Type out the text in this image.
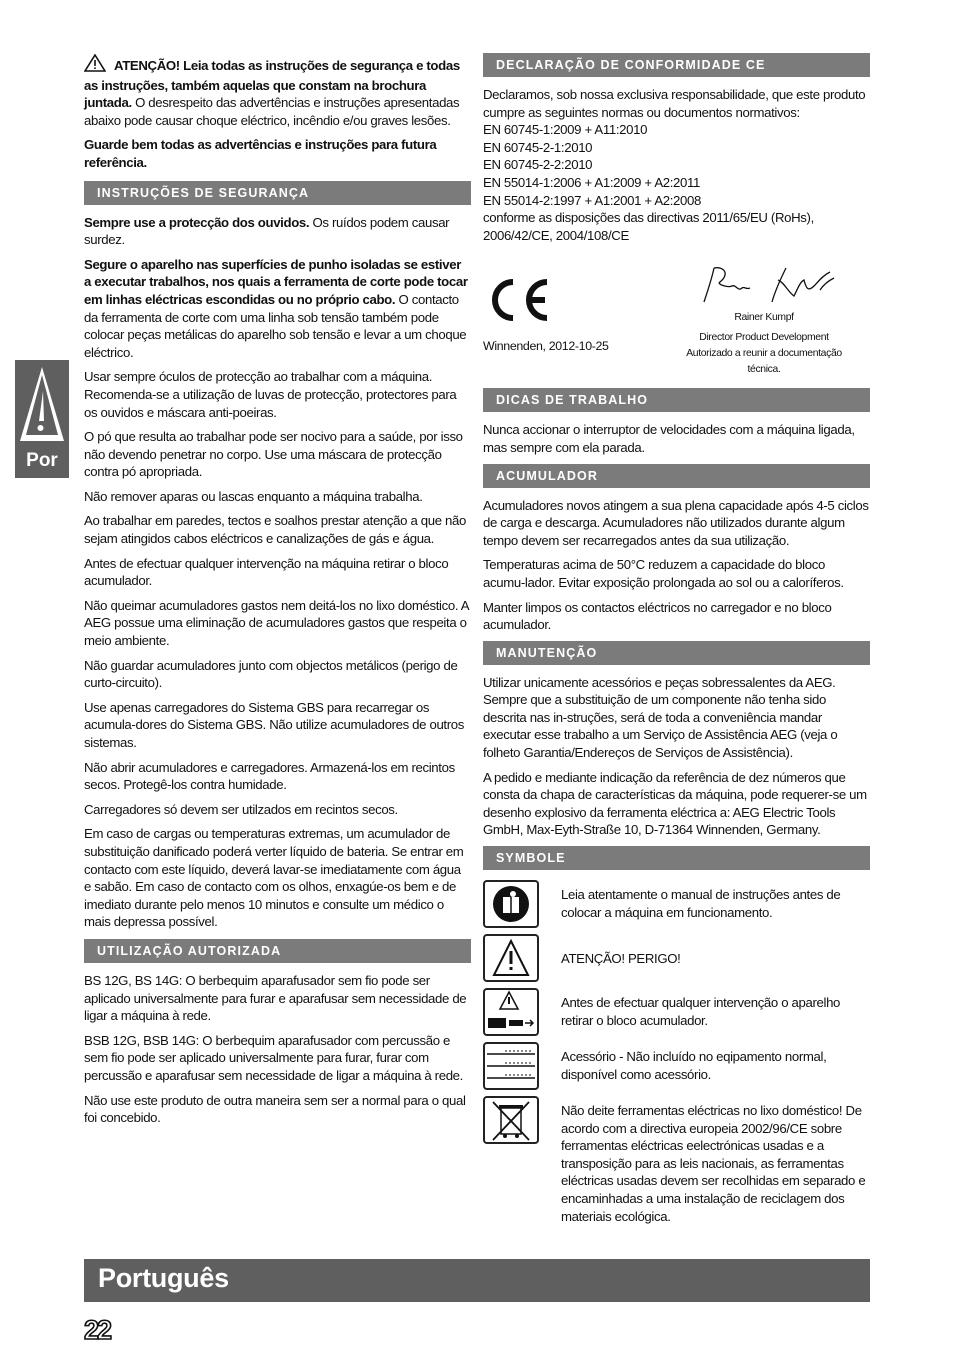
Por

ATENÇÃO! Leia todas as instruções de segurança e todas as instruções, também aquelas que constam na brochura juntada. O desrespeito das advertências e instruções apresentadas abaixo pode causar choque eléctrico, incêndio e/ou graves lesões.

Guarde bem todas as advertências e instruções para futura referência.

INSTRUÇÕES DE SEGURANÇA

Sempre use a protecção dos ouvidos. Os ruídos podem causar surdez.

Segure o aparelho nas superfícies de punho isoladas se estiver a executar trabalhos, nos quais a ferramenta de corte pode tocar em linhas eléctricas escondidas ou no próprio cabo. O contacto da ferramenta de corte com uma linha sob tensão também pode colocar peças metálicas do aparelho sob tensão e levar a um choque eléctrico.

Usar sempre óculos de protecção ao trabalhar com a máquina. Recomenda-se a utilização de luvas de protecção, protectores para os ouvidos e máscara anti-poeiras.

O pó que resulta ao trabalhar pode ser nocivo para a saúde, por isso não devendo penetrar no corpo. Use uma máscara de protecção contra pó apropriada.

Não remover aparas ou lascas enquanto a máquina trabalha.

Ao trabalhar em paredes, tectos e soalhos prestar atenção a que não sejam atingidos cabos eléctricos e canalizações de gás e água.

Antes de efectuar qualquer intervenção na máquina retirar o bloco acumulador.

Não queimar acumuladores gastos nem deitá-los no lixo doméstico. A AEG possue uma eliminação de acumuladores gastos que respeita o meio ambiente.

Não guardar acumuladores junto com objectos metálicos (perigo de curto-circuito).

Use apenas carregadores do Sistema GBS para recarregar os acumula-dores do Sistema GBS. Não utilize acumuladores de outros sistemas.

Não abrir acumuladores e carregadores. Armazená-los em recintos secos. Protegê-los contra humidade.

Carregadores só devem ser utilzados em recintos secos.

Em caso de cargas ou temperaturas extremas, um acumulador de substituição danificado poderá verter líquido de bateria. Se entrar em contacto com este líquido, deverá lavar-se imediatamente com água e sabão. Em caso de contacto com os olhos, enxagúe-os bem e de imediato durante pelo menos 10 minutos e consulte um médico o mais depressa possível.

UTILIZAÇÃO AUTORIZADA

BS 12G, BS 14G: O berbequim aparafusador sem fio pode ser aplicado universalmente para furar e aparafusar sem necessidade de ligar a máquina à rede.

BSB 12G, BSB 14G: O berbequim aparafusador com percussão e sem fio pode ser aplicado universalmente para furar, furar com percussão e aparafusar sem necessidade de ligar a máquina à rede.

Não use este produto de outra maneira sem ser a normal para o qual foi concebido.

DECLARAÇÃO DE CONFORMIDADE CE

Declaramos, sob nossa exclusiva responsabilidade, que este produto cumpre as seguintes normas ou documentos normativos:

EN 60745-1:2009 + A11:2010

EN 60745-2-1:2010

EN 60745-2-2:2010

EN 55014-1:2006 + A1:2009 + A2:2011

EN 55014-2:1997 + A1:2001 + A2:2008

conforme as disposições das directivas 2011/65/EU (RoHs), 2006/42/CE, 2004/108/CE

Winnenden, 2012-10-25
Rainer Kumpf
Director Product Development
Autorizado a reunir a documentação técnica.
DICAS DE TRABALHO

Nunca accionar o interruptor de velocidades com a máquina ligada, mas sempre com ela parada.

ACUMULADOR

Acumuladores novos atingem a sua plena capacidade após 4-5 ciclos de carga e descarga. Acumuladores não utilizados durante algum tempo devem ser recarregados antes da sua utilização.

Temperaturas acima de 50°C reduzem a capacidade do bloco acumu-lador. Evitar exposição prolongada ao sol ou a caloríferos.

Manter limpos os contactos eléctricos no carregador e no bloco acumulador.

MANUTENÇÃO

Utilizar unicamente acessórios e peças sobressalentes da AEG. Sempre que a substituição de um componente não tenha sido descrita nas in-struções, será de toda a conveniência mandar executar esse trabalho a um Serviço de Assistência AEG (veja o folheto Garantia/Endereços de Serviços de Assistência).

A pedido e mediante indicação da referência de dez números que consta da chapa de características da máquina, pode requerer-se um desenho explosivo da ferramenta eléctrica a: AEG Electric Tools GmbH, Max-Eyth-Straße 10, D-71364 Winnenden, Germany.

SYMBOLE
Leia atentamente o manual de instruções antes de colocar a máquina em funcionamento.
ATENÇÃO! PERIGO!
Antes de efectuar qualquer intervenção o aparelho retirar o bloco acumulador.
Acessório - Não incluído no eqipamento normal, disponível como acessório.
Não deite ferramentas eléctricas no lixo doméstico! De acordo com a directiva europeia 2002/96/CE sobre ferramentas eléctricas eelectrónicas usadas e a transposição para as leis nacionais, as ferramentas eléctricas usadas devem ser recolhidas em separado e encaminhadas a uma instalação de reciclagem dos materiais ecológica.
Português
22
